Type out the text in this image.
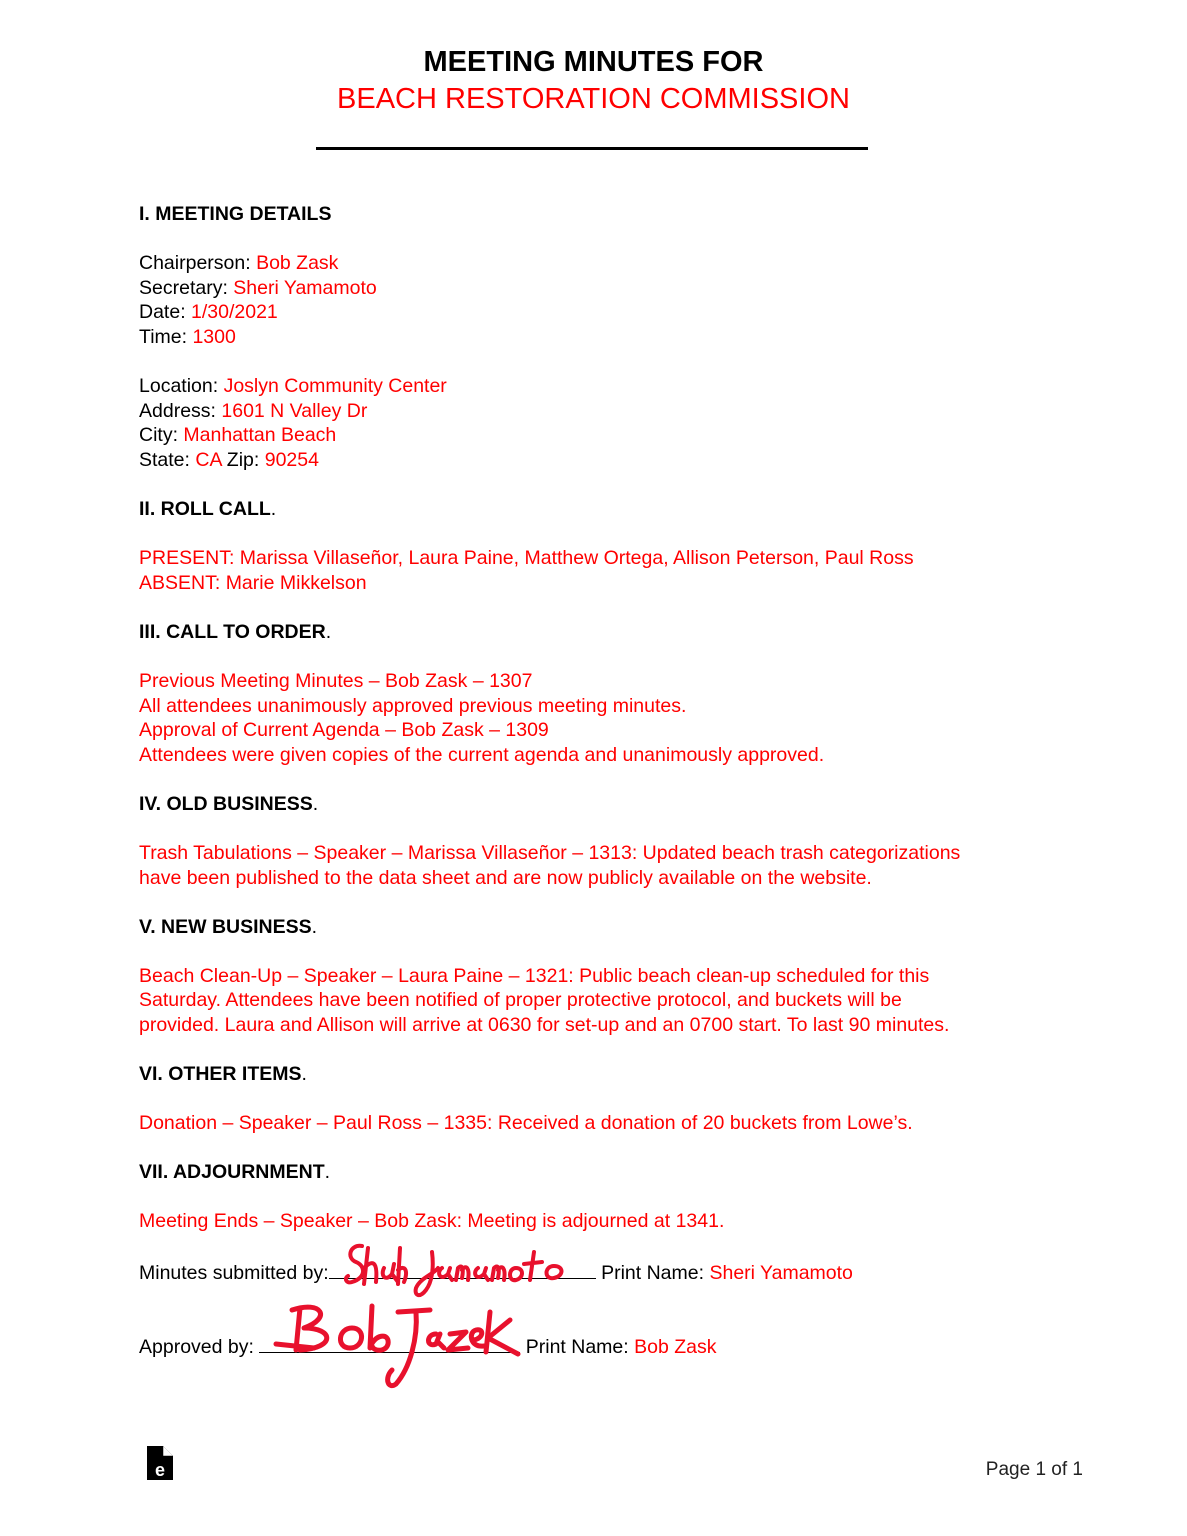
MEETING MINUTES FOR
BEACH RESTORATION COMMISSION
I. MEETING DETAILS
Chairperson: Bob Zask
Secretary: Sheri Yamamoto
Date: 1/30/2021
Time: 1300
Location: Joslyn Community Center
Address: 1601 N Valley Dr
City: Manhattan Beach
State: CA Zip: 90254
II. ROLL CALL.
PRESENT: Marissa Villaseñor, Laura Paine, Matthew Ortega, Allison Peterson, Paul Ross
ABSENT: Marie Mikkelson
III. CALL TO ORDER.
Previous Meeting Minutes – Bob Zask – 1307
All attendees unanimously approved previous meeting minutes.
Approval of Current Agenda – Bob Zask – 1309
Attendees were given copies of the current agenda and unanimously approved.
IV. OLD BUSINESS.
Trash Tabulations – Speaker – Marissa Villaseñor – 1313: Updated beach trash categorizations
have been published to the data sheet and are now publicly available on the website.
V. NEW BUSINESS.
Beach Clean-Up – Speaker – Laura Paine – 1321: Public beach clean-up scheduled for this
Saturday. Attendees have been notified of proper protective protocol, and buckets will be
provided. Laura and Allison will arrive at 0630 for set-up and an 0700 start. To last 90 minutes.
VI. OTHER ITEMS.
Donation – Speaker – Paul Ross – 1335: Received a donation of 20 buckets from Lowe’s.
VII. ADJOURNMENT.
Meeting Ends – Speaker – Bob Zask: Meeting is adjourned at 1341.
Minutes submitted by:	Print Name: Sheri Yamamoto
Approved by:	Print Name: Bob Zask
e	Page 1 of 1
